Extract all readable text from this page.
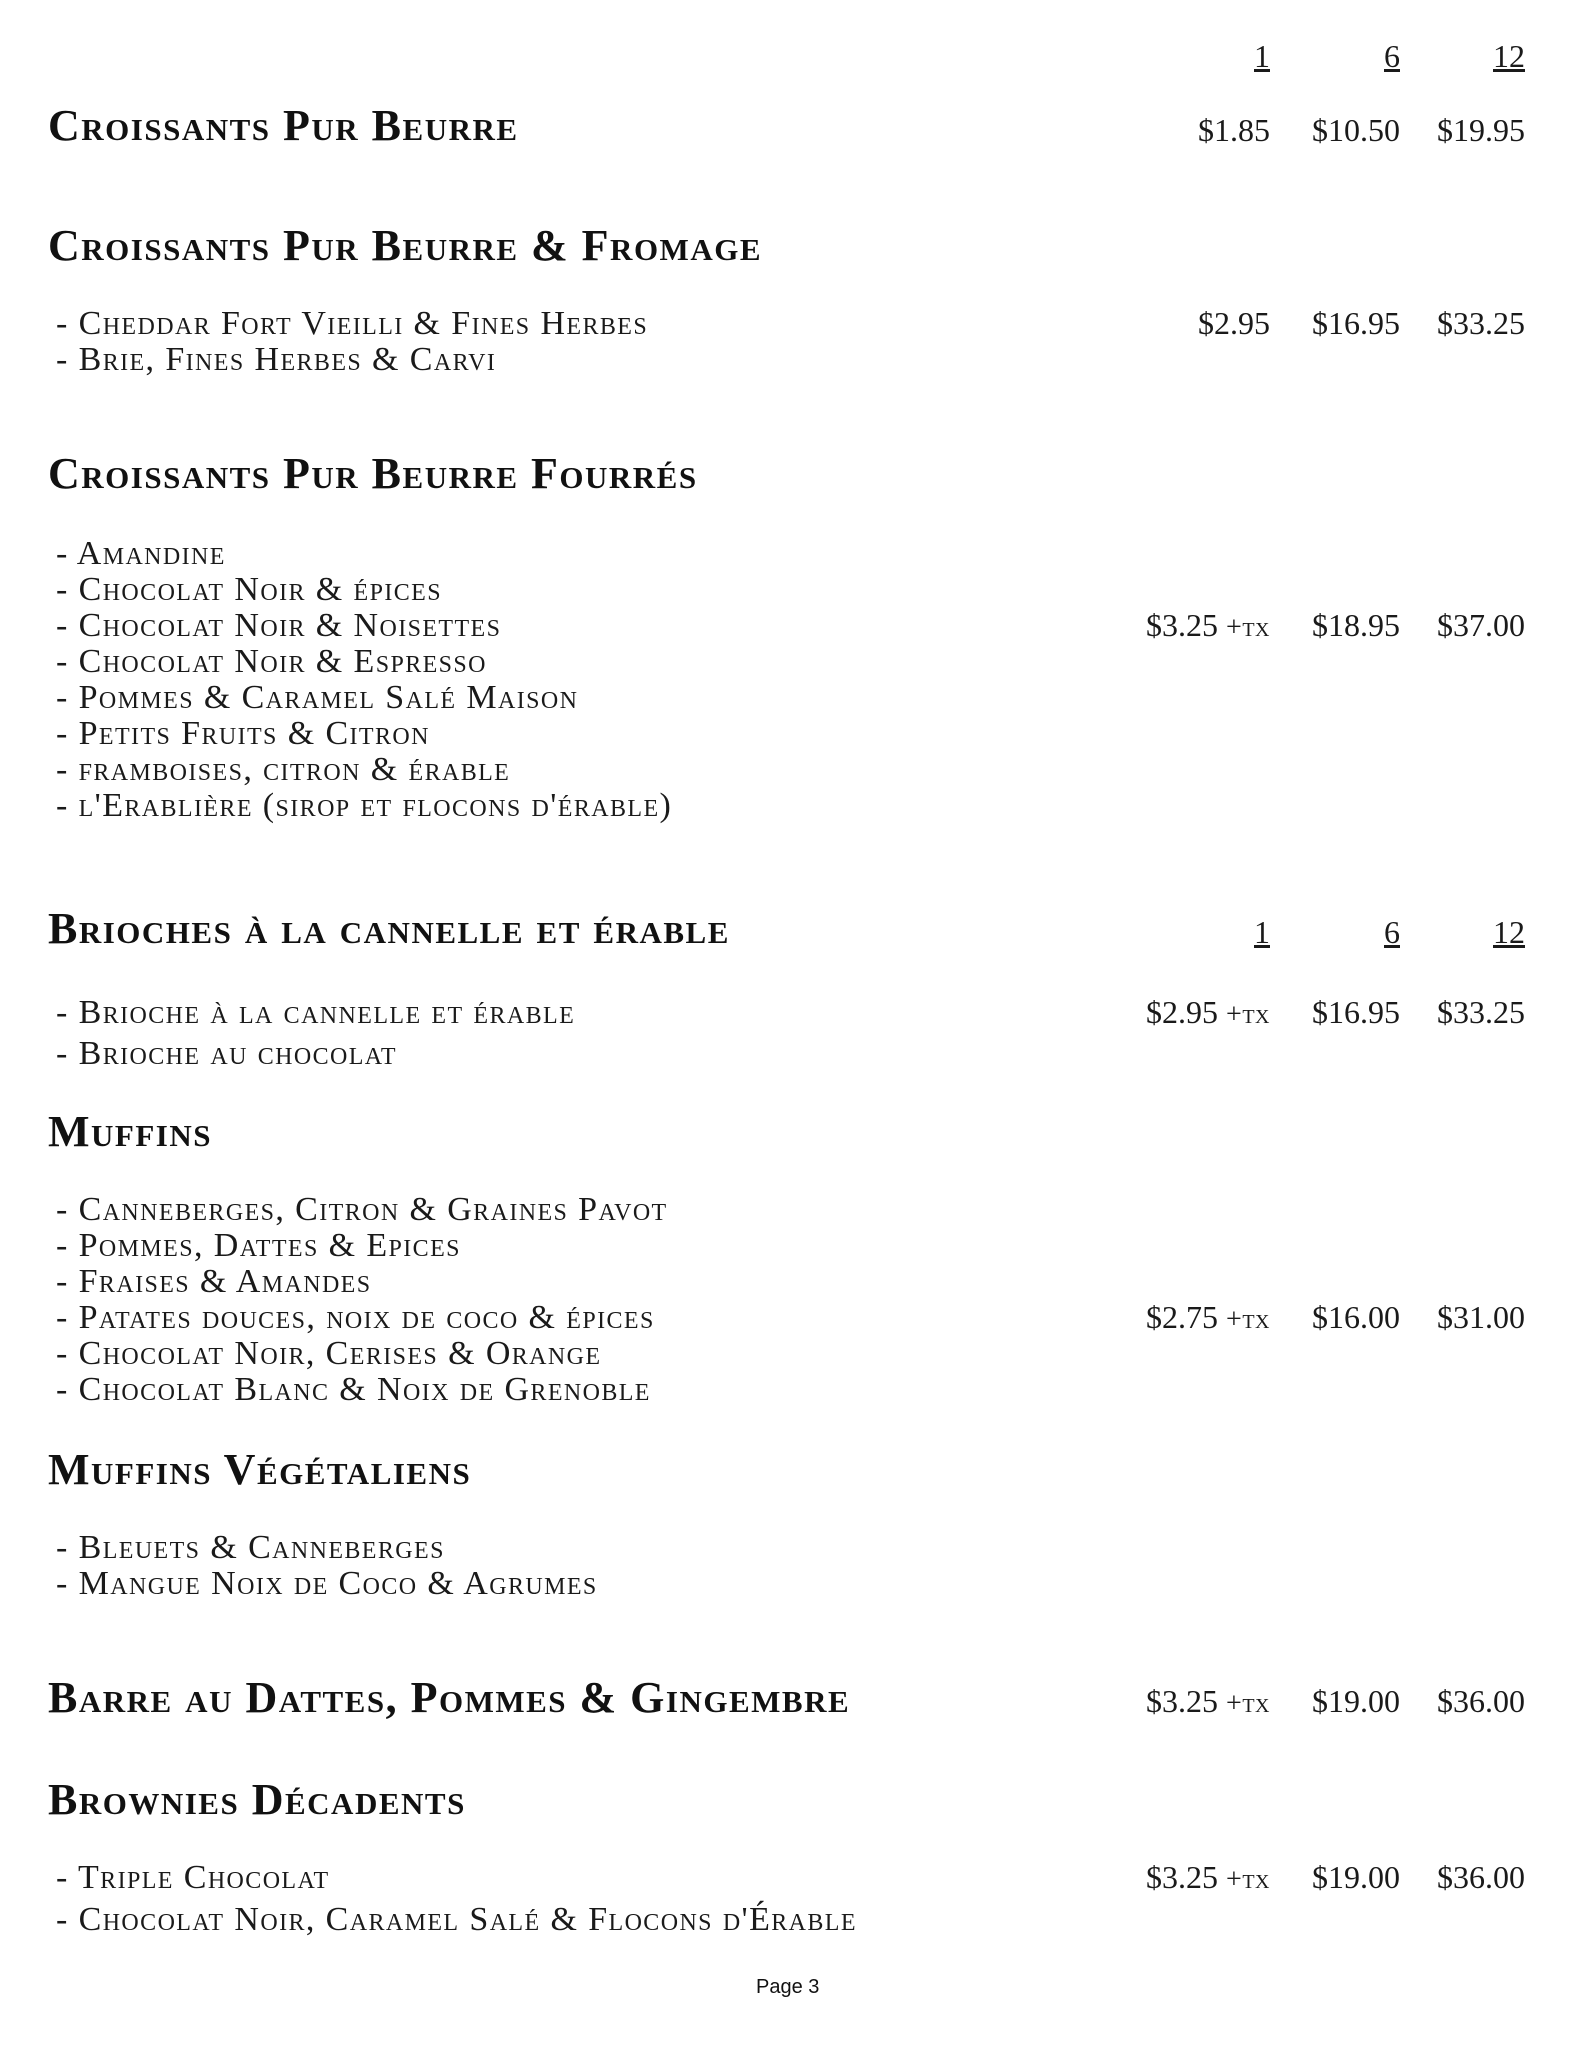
1	6	12
Croissants Pur Beurre	$1.85	$10.50	$19.95
Croissants Pur Beurre & Fromage
- Cheddar Fort Vieilli & Fines Herbes
- Brie, Fines Herbes & Carvi
$2.95	$16.95	$33.25
Croissants Pur Beurre Fourrés
- Amandine
- Chocolat Noir & épices
- Chocolat Noir & Noisettes
- Chocolat Noir & Espresso
- Pommes & Caramel Salé Maison
- Petits Fruits & Citron
- framboises, citron & érable
- l'Erablière (sirop et flocons d'érable)
$3.25 +tx	$18.95	$37.00
Brioches à la cannelle et érable	1	6	12
- Brioche à la cannelle et érable
- Brioche au chocolat
$2.95 +tx	$16.95	$33.25
Muffins
- Canneberges, Citron & Graines Pavot
- Pommes, Dattes & Epices
- Fraises & Amandes
- Patates douces, noix de coco & épices
- Chocolat Noir, Cerises & Orange
- Chocolat Blanc & Noix de Grenoble
$2.75 +tx	$16.00	$31.00
Muffins Végétaliens
- Bleuets & Canneberges
- Mangue Noix de Coco & Agrumes
Barre au Dattes, Pommes & Gingembre	$3.25 +tx	$19.00	$36.00
Brownies Décadents
- Triple Chocolat
- Chocolat Noir, Caramel Salé & Flocons d'Érable
$3.25 +tx	$19.00	$36.00
Page 3
